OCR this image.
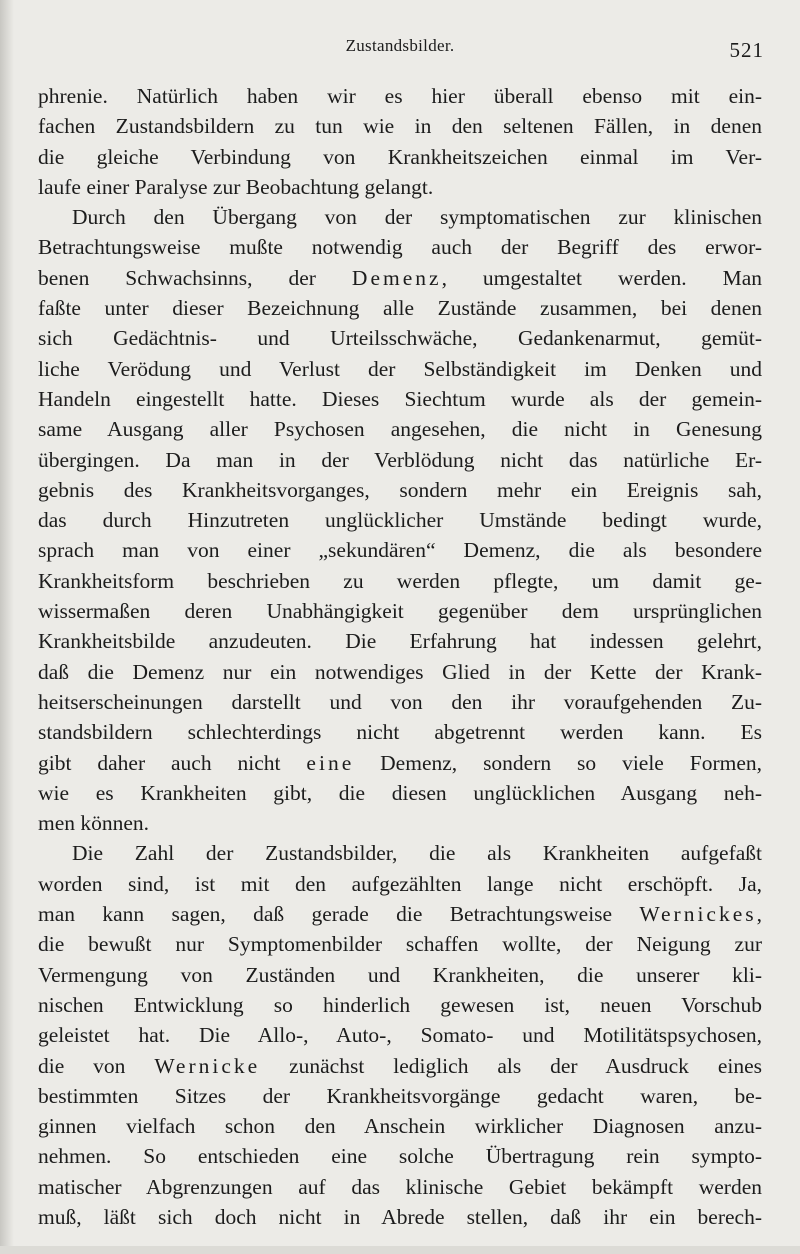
Zustandsbilder.	521
phrenie. Natürlich haben wir es hier überall ebenso mit ein-
fachen Zustandsbildern zu tun wie in den seltenen Fällen, in denen
die gleiche Verbindung von Krankheitszeichen einmal im Ver-
laufe einer Paralyse zur Beobachtung gelangt.
Durch den Übergang von der symptomatischen zur klinischen
Betrachtungsweise mußte notwendig auch der Begriff des erwor-
benen Schwachsinns, der Demenz, umgestaltet werden. Man
faßte unter dieser Bezeichnung alle Zustände zusammen, bei denen
sich Gedächtnis- und Urteilsschwäche, Gedankenarmut, gemüt-
liche Verödung und Verlust der Selbständigkeit im Denken und
Handeln eingestellt hatte. Dieses Siechtum wurde als der gemein-
same Ausgang aller Psychosen angesehen, die nicht in Genesung
übergingen. Da man in der Verblödung nicht das natürliche Er-
gebnis des Krankheitsvorganges, sondern mehr ein Ereignis sah,
das durch Hinzutreten unglücklicher Umstände bedingt wurde,
sprach man von einer „sekundären“ Demenz, die als besondere
Krankheitsform beschrieben zu werden pflegte, um damit ge-
wissermaßen deren Unabhängigkeit gegenüber dem ursprünglichen
Krankheitsbilde anzudeuten. Die Erfahrung hat indessen gelehrt,
daß die Demenz nur ein notwendiges Glied in der Kette der Krank-
heitserscheinungen darstellt und von den ihr voraufgehenden Zu-
standsbildern schlechterdings nicht abgetrennt werden kann. Es
gibt daher auch nicht eine Demenz, sondern so viele Formen,
wie es Krankheiten gibt, die diesen unglücklichen Ausgang neh-
men können.
Die Zahl der Zustandsbilder, die als Krankheiten aufgefaßt
worden sind, ist mit den aufgezählten lange nicht erschöpft. Ja,
man kann sagen, daß gerade die Betrachtungsweise Wernickes,
die bewußt nur Symptomenbilder schaffen wollte, der Neigung zur
Vermengung von Zuständen und Krankheiten, die unserer kli-
nischen Entwicklung so hinderlich gewesen ist, neuen Vorschub
geleistet hat. Die Allo-, Auto-, Somato- und Motilitätspsychosen,
die von Wernicke zunächst lediglich als der Ausdruck eines
bestimmten Sitzes der Krankheitsvorgänge gedacht waren, be-
ginnen vielfach schon den Anschein wirklicher Diagnosen anzu-
nehmen. So entschieden eine solche Übertragung rein sympto-
matischer Abgrenzungen auf das klinische Gebiet bekämpft werden
muß, läßt sich doch nicht in Abrede stellen, daß ihr ein berech-
